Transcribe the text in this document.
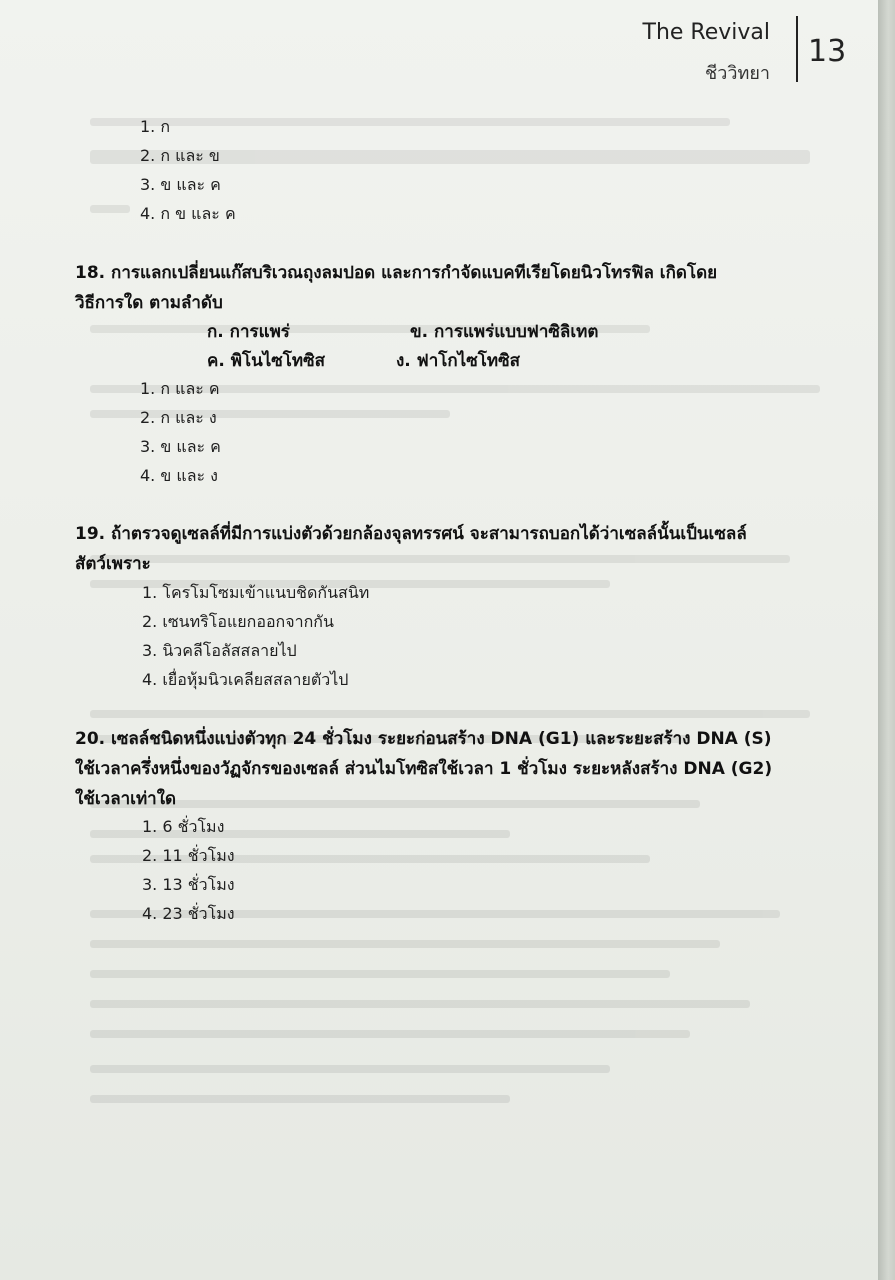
The Revival
ชีววิทยา
13
1. ก
2. ก และ ข
3. ข และ ค
4. ก ข และ ค
18. การแลกเปลี่ยนแก๊สบริเวณถุงลมปอด และการกำจัดแบคทีเรียโดยนิวโทรฟิล เกิดโดย
วิธีการใด ตามลำดับ
ก. การแพร่	ข. การแพร่แบบฟาซิลิเทต
ค. พิโนไซโทซิส	ง. ฟาโกไซโทซิส
1. ก และ ค
2. ก และ ง
3. ข และ ค
4. ข และ ง
19. ถ้าตรวจดูเซลล์ที่มีการแบ่งตัวด้วยกล้องจุลทรรศน์ จะสามารถบอกได้ว่าเซลล์นั้นเป็นเซลล์
สัตว์เพราะ
1. โครโมโซมเข้าแนบชิดกันสนิท
2. เซนทริโอแยกออกจากกัน
3. นิวคลีโอลัสสลายไป
4. เยื่อหุ้มนิวเคลียสสลายตัวไป
20. เซลล์ชนิดหนึ่งแบ่งตัวทุก 24 ชั่วโมง ระยะก่อนสร้าง DNA (G1) และระยะสร้าง DNA (S)
ใช้เวลาครึ่งหนึ่งของวัฏจักรของเซลล์ ส่วนไมโทซิสใช้เวลา 1 ชั่วโมง ระยะหลังสร้าง DNA (G2)
ใช้เวลาเท่าใด
1. 6 ชั่วโมง
2. 11 ชั่วโมง
3. 13 ชั่วโมง
4. 23 ชั่วโมง
